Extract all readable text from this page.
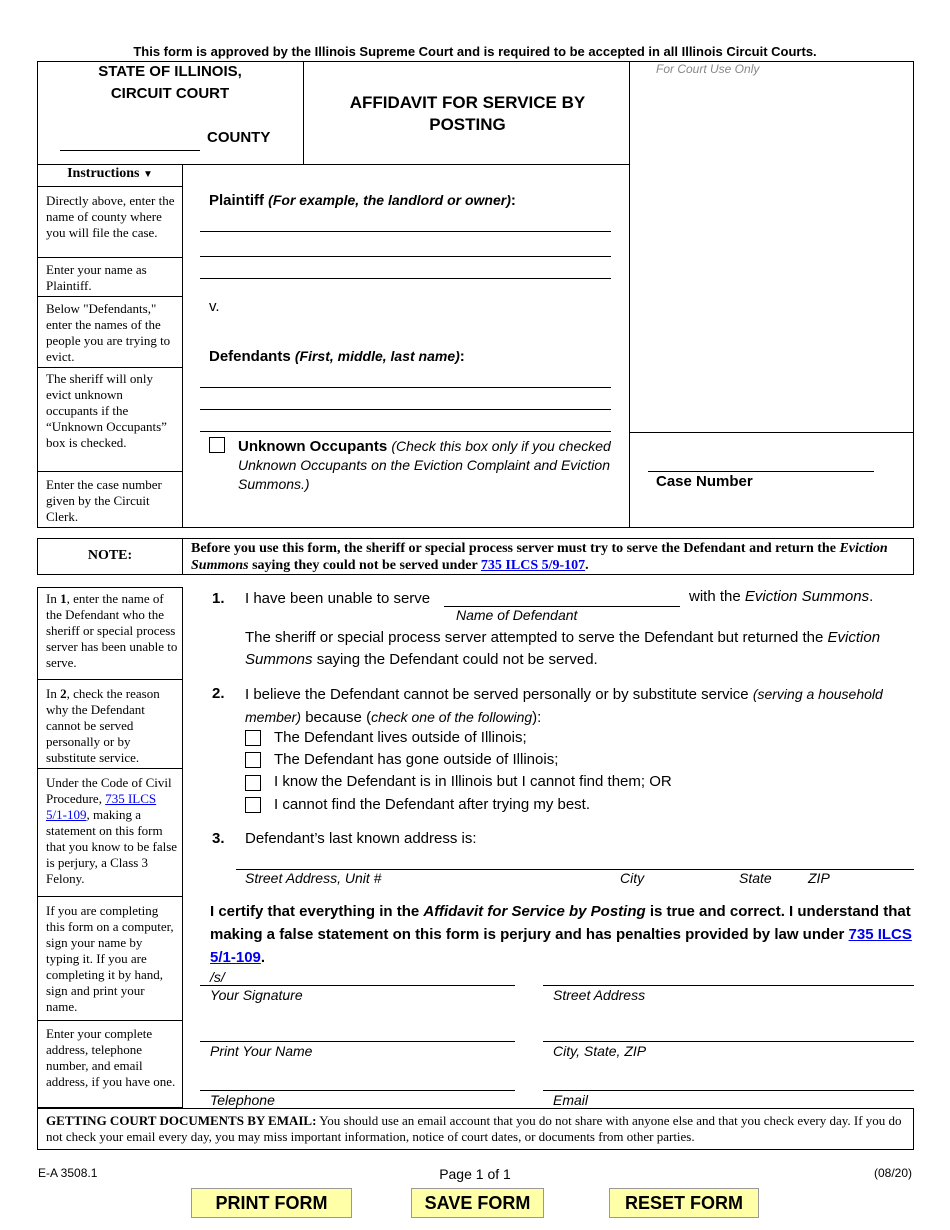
This form is approved by the Illinois Supreme Court and is required to be accepted in all Illinois Circuit Courts.
STATE OF ILLINOIS,
CIRCUIT COURT
COUNTY
AFFIDAVIT FOR SERVICE BY POSTING
For Court Use Only
Case Number
Instructions ▼
Directly above, enter the name of county where you will file the case.
Enter your name as Plaintiff.
Below "Defendants," enter the names of the people you are trying to evict.
The sheriff will only evict unknown occupants if the “Unknown Occupants” box is checked.
Enter the case number given by the Circuit Clerk.
Plaintiff (For example, the landlord or owner):
v.
Defendants (First, middle, last name):
Unknown Occupants (Check this box only if you checked Unknown Occupants on the Eviction Complaint and Eviction Summons.)
NOTE:	Before you use this form, the sheriff or special process server must try to serve the Defendant and return the Eviction Summons saying they could not be served under 735 ILCS 5/9-107.
In 1, enter the name of the Defendant who the sheriff or special process server has been unable to serve.
In 2, check the reason why the Defendant cannot be served personally or by substitute service.
Under the Code of Civil Procedure, 735 ILCS 5/1-109, making a statement on this form that you know to be false is perjury, a Class 3 Felony.
If you are completing this form on a computer, sign your name by typing it. If you are completing it by hand, sign and print your name.
Enter your complete address, telephone number, and email address, if you have one.
1. I have been unable to serve
Name of Defendant
with the Eviction Summons.
The sheriff or special process server attempted to serve the Defendant but returned the Eviction Summons saying the Defendant could not be served.
2. I believe the Defendant cannot be served personally or by substitute service (serving a household member) because (check one of the following):
The Defendant lives outside of Illinois;
The Defendant has gone outside of Illinois;
I know the Defendant is in Illinois but I cannot find them; OR
I cannot find the Defendant after trying my best.
3. Defendant’s last known address is:
Street Address, Unit #	City	State	ZIP
I certify that everything in the Affidavit for Service by Posting is true and correct. I understand that making a false statement on this form is perjury and has penalties provided by law under 735 ILCS 5/1-109.
/s/
Your Signature	Street Address
Print Your Name	City, State, ZIP
Telephone	Email
GETTING COURT DOCUMENTS BY EMAIL: You should use an email account that you do not share with anyone else and that you check every day. If you do not check your email every day, you may miss important information, notice of court dates, or documents from other parties.
E-A 3508.1	Page 1 of 1	(08/20)
PRINT FORM	SAVE FORM	RESET FORM
